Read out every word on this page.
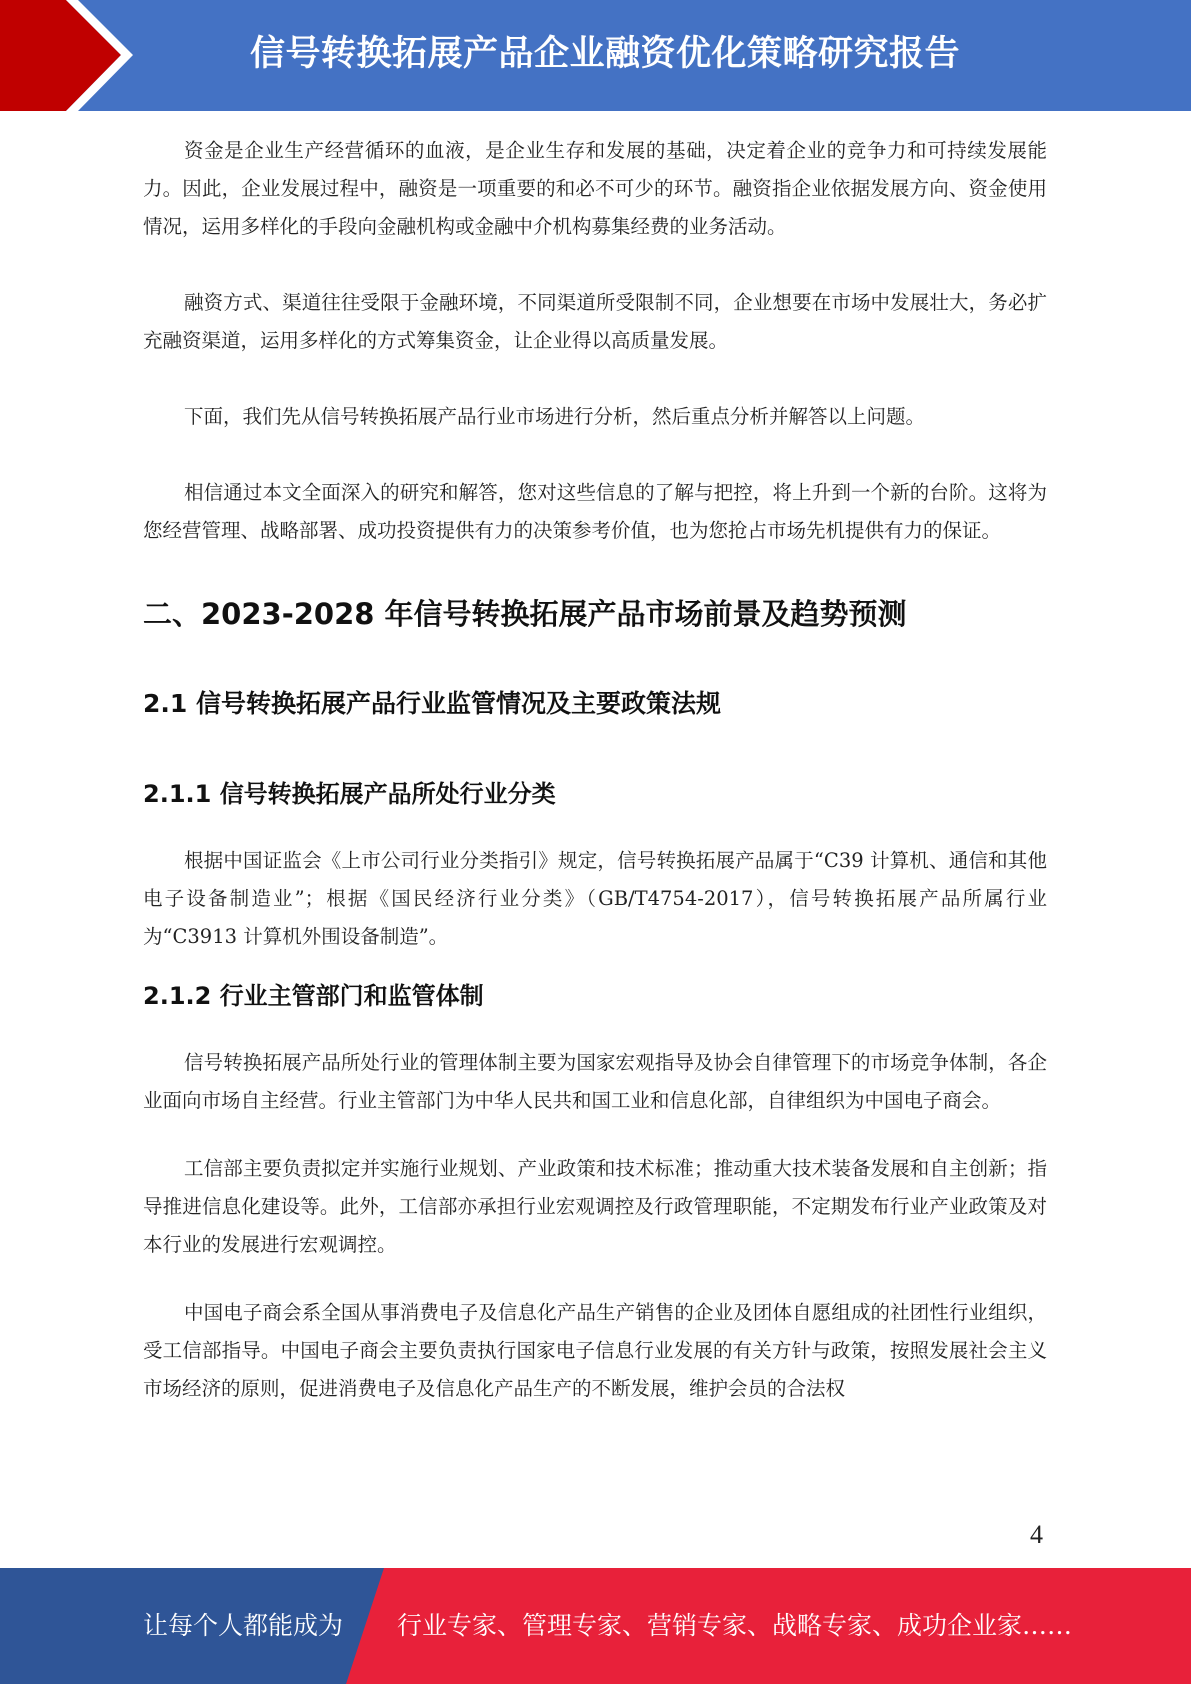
信号转换拓展产品企业融资优化策略研究报告

资金是企业生产经营循环的血液，是企业生存和发展的基础，决定着企业的竞争力和可持续发展能力。因此，企业发展过程中，融资是一项重要的和必不可少的环节。融资指企业依据发展方向、资金使用情况，运用多样化的手段向金融机构或金融中介机构募集经费的业务活动。

融资方式、渠道往往受限于金融环境，不同渠道所受限制不同，企业想要在市场中发展壮大，务必扩充融资渠道，运用多样化的方式筹集资金，让企业得以高质量发展。

下面，我们先从信号转换拓展产品行业市场进行分析，然后重点分析并解答以上问题。

相信通过本文全面深入的研究和解答，您对这些信息的了解与把控，将上升到一个新的台阶。这将为您经营管理、战略部署、成功投资提供有力的决策参考价值，也为您抢占市场先机提供有力的保证。

二、2023-2028 年信号转换拓展产品市场前景及趋势预测
2.1 信号转换拓展产品行业监管情况及主要政策法规
2.1.1 信号转换拓展产品所处行业分类

根据中国证监会《上市公司行业分类指引》规定，信号转换拓展产品属于“C39 计算机、通信和其他电子设备制造业”；根据《国民经济行业分类》（GB/T4754-2017），信号转换拓展产品所属行业为“C3913 计算机外围设备制造”。

2.1.2 行业主管部门和监管体制

信号转换拓展产品所处行业的管理体制主要为国家宏观指导及协会自律管理下的市场竞争体制，各企业面向市场自主经营。行业主管部门为中华人民共和国工业和信息化部，自律组织为中国电子商会。

工信部主要负责拟定并实施行业规划、产业政策和技术标准；推动重大技术装备发展和自主创新；指导推进信息化建设等。此外，工信部亦承担行业宏观调控及行政管理职能，不定期发布行业产业政策及对本行业的发展进行宏观调控。

中国电子商会系全国从事消费电子及信息化产品生产销售的企业及团体自愿组成的社团性行业组织，受工信部指导。中国电子商会主要负责执行国家电子信息行业发展的有关方针与政策，按照发展社会主义市场经济的原则，促进消费电子及信息化产品生产的不断发展，维护会员的合法权

4
让每个人都能成为 行业专家、管理专家、营销专家、战略专家、成功企业家……
